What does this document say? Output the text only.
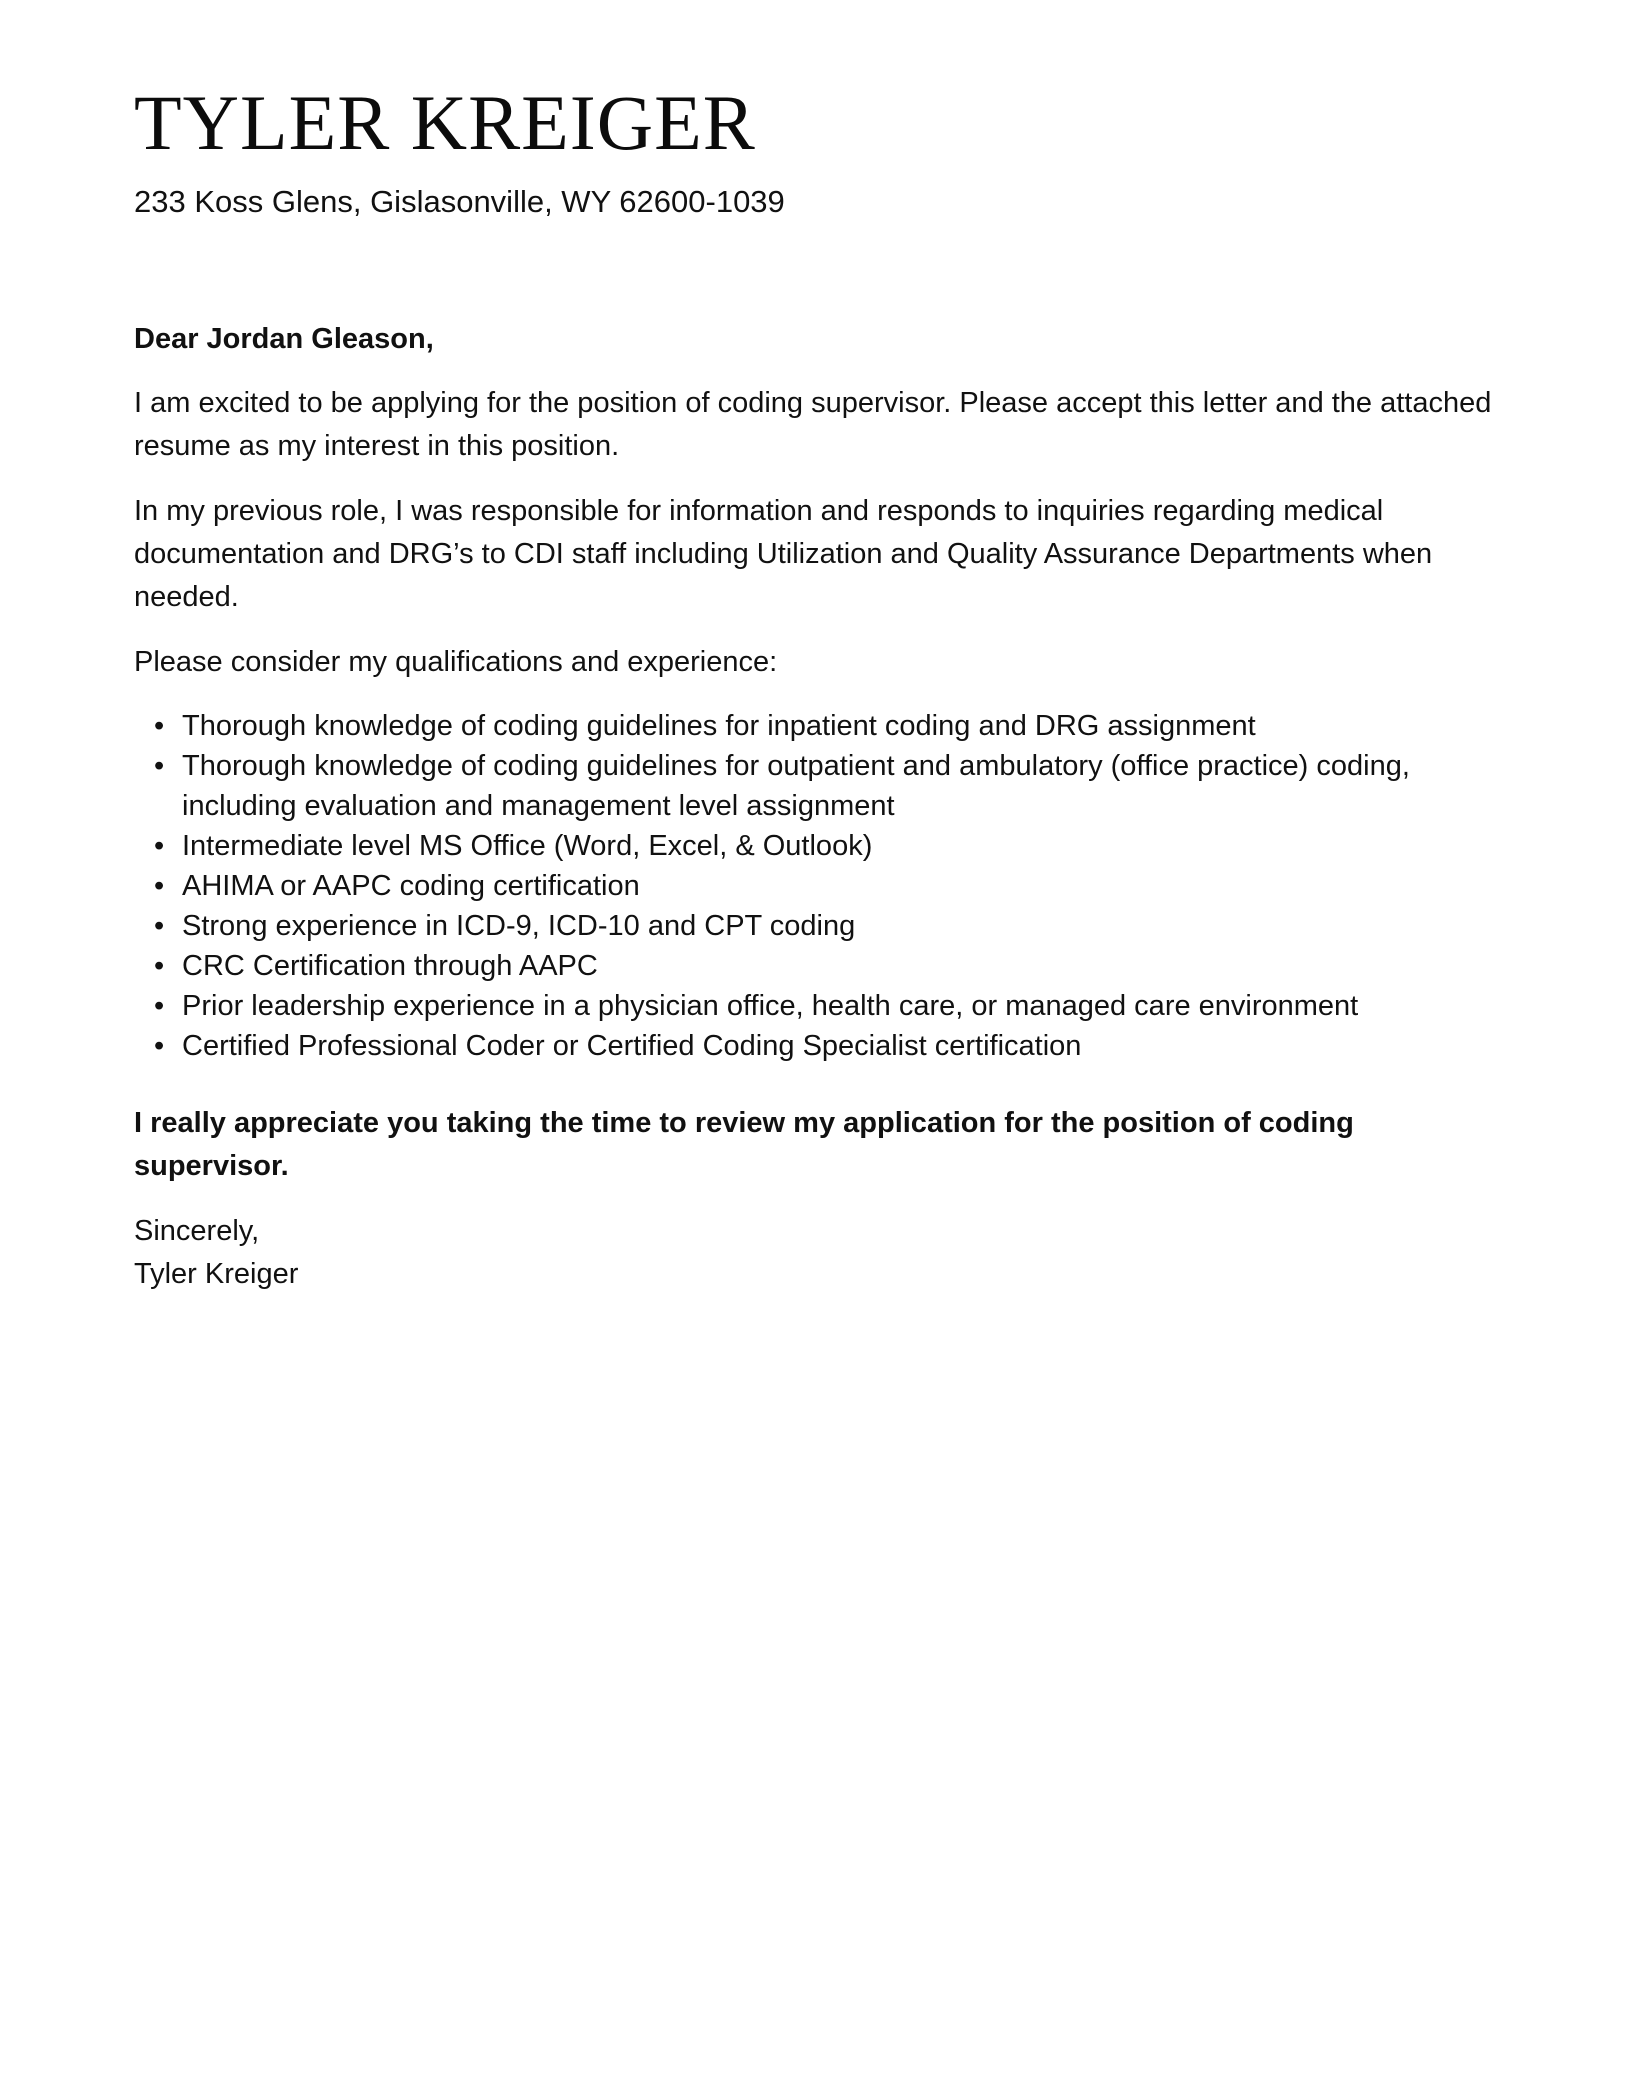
TYLER KREIGER
233 Koss Glens, Gislasonville, WY 62600-1039
Dear Jordan Gleason,

I am excited to be applying for the position of coding supervisor. Please accept this letter and the attached resume as my interest in this position.

In my previous role, I was responsible for information and responds to inquiries regarding medical documentation and DRG’s to CDI staff including Utilization and Quality Assurance Departments when needed.

Please consider my qualifications and experience:

• Thorough knowledge of coding guidelines for inpatient coding and DRG assignment
• Thorough knowledge of coding guidelines for outpatient and ambulatory (office practice) coding, including evaluation and management level assignment
• Intermediate level MS Office (Word, Excel, & Outlook)
• AHIMA or AAPC coding certification
• Strong experience in ICD-9, ICD-10 and CPT coding
• CRC Certification through AAPC
• Prior leadership experience in a physician office, health care, or managed care environment
• Certified Professional Coder or Certified Coding Specialist certification
I really appreciate you taking the time to review my application for the position of coding supervisor.
Sincerely,
Tyler Kreiger
